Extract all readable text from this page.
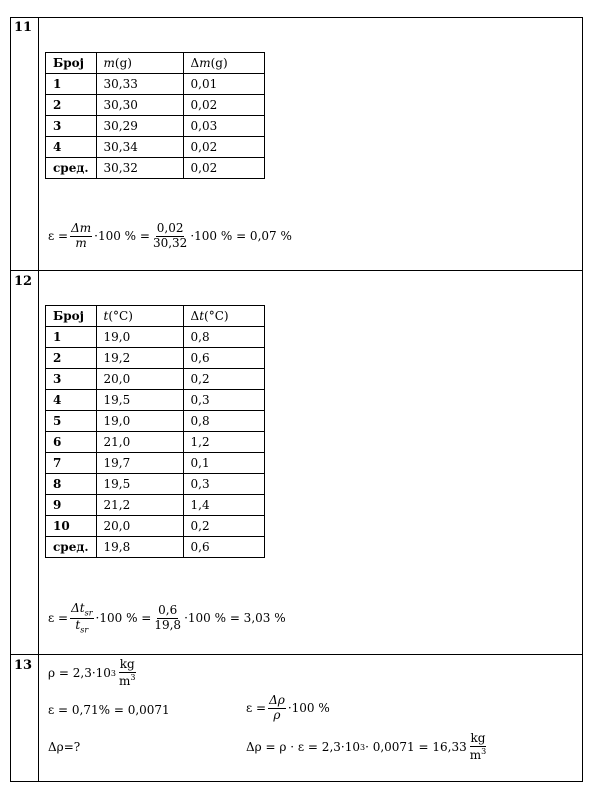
11
Број	m(g)	Δm(g)
1	30,33	0,01
2	30,30	0,02
3	30,29	0,03
4	30,34	0,02
сред.	30,32	0,02
$\varepsilon = \frac{\Delta m}{m} \cdot 100$ % = $\frac{0,02}{30,32} \cdot 100$ % = 0,07 %
12
Број	t(°C)	Δt(°C)
1	19,0	0,8
2	19,2	0,6
3	20,0	0,2
4	19,5	0,3
5	19,0	0,8
6	21,0	1,2
7	19,7	0,1
8	19,5	0,3
9	21,2	1,4
10	20,0	0,2
сред.	19,8	0,6
$\varepsilon = \frac{\Delta t_{sr}}{t_{sr}} \cdot 100$ % = $\frac{0,6}{19,8} \cdot 100$ % = 3,03 %
13
ρ = 2,3·10 $3 \frac{kg}{m^3}$
ε = 0,71% = 0,0071	$\varepsilon = \frac{\Delta\rho}{\rho} \cdot 100$ %
Δρ=?	Δρ = ρ · ε = 2,3·10 $3 \cdot 0,0071 = 16,33 \frac{kg}{m^3}$
